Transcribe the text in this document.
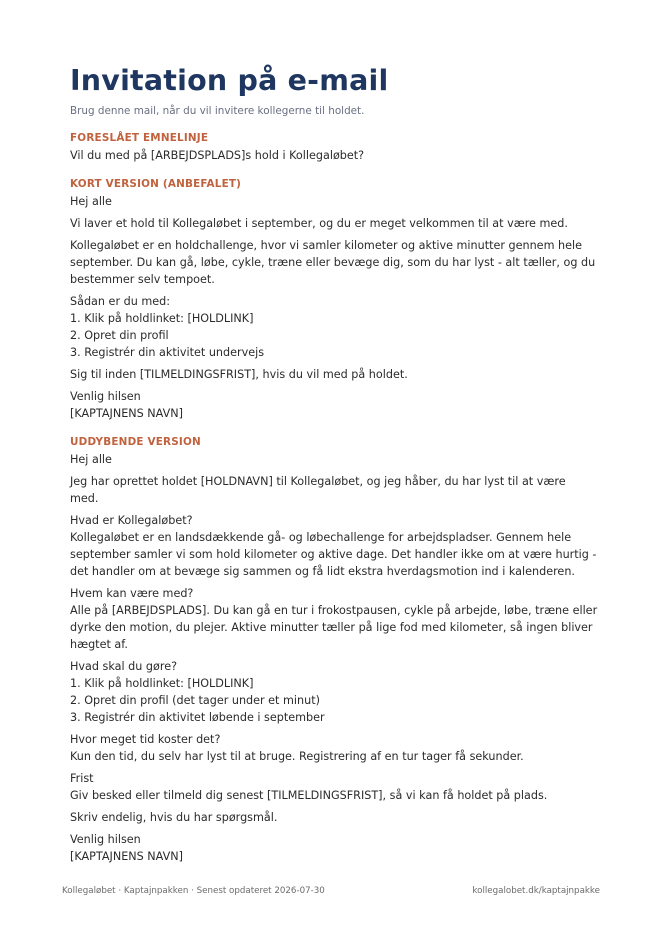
Invitation på e-mail
Brug denne mail, når du vil invitere kollegerne til holdet.
FORESLÅET EMNELINJE

Vil du med på [ARBEJDSPLADS]s hold i Kollegaløbet?

KORT VERSION (ANBEFALET)

Hej alle

Vi laver et hold til Kollegaløbet i september, og du er meget velkommen til at være med.

Kollegaløbet er en holdchallenge, hvor vi samler kilometer og aktive minutter gennem hele
september. Du kan gå, løbe, cykle, træne eller bevæge dig, som du har lyst - alt tæller, og du
bestemmer selv tempoet.

Sådan er du med:
1. Klik på holdlinket: [HOLDLINK]
2. Opret din profil
3. Registrér din aktivitet undervejs

Sig til inden [TILMELDINGSFRIST], hvis du vil med på holdet.

Venlig hilsen
[KAPTAJNENS NAVN]

UDDYBENDE VERSION

Hej alle

Jeg har oprettet holdet [HOLDNAVN] til Kollegaløbet, og jeg håber, du har lyst til at være
med.

Hvad er Kollegaløbet?
Kollegaløbet er en landsdækkende gå- og løbechallenge for arbejdspladser. Gennem hele
september samler vi som hold kilometer og aktive dage. Det handler ikke om at være hurtig -
det handler om at bevæge sig sammen og få lidt ekstra hverdagsmotion ind i kalenderen.

Hvem kan være med?
Alle på [ARBEJDSPLADS]. Du kan gå en tur i frokostpausen, cykle på arbejde, løbe, træne eller
dyrke den motion, du plejer. Aktive minutter tæller på lige fod med kilometer, så ingen bliver
hægtet af.

Hvad skal du gøre?
1. Klik på holdlinket: [HOLDLINK]
2. Opret din profil (det tager under et minut)
3. Registrér din aktivitet løbende i september

Hvor meget tid koster det?
Kun den tid, du selv har lyst til at bruge. Registrering af en tur tager få sekunder.

Frist
Giv besked eller tilmeld dig senest [TILMELDINGSFRIST], så vi kan få holdet på plads.

Skriv endelig, hvis du har spørgsmål.

Venlig hilsen
[KAPTAJNENS NAVN]

Kollegaløbet · Kaptajnpakken · Senest opdateret 2026-07-30	kollegalobet.dk/kaptajnpakke
